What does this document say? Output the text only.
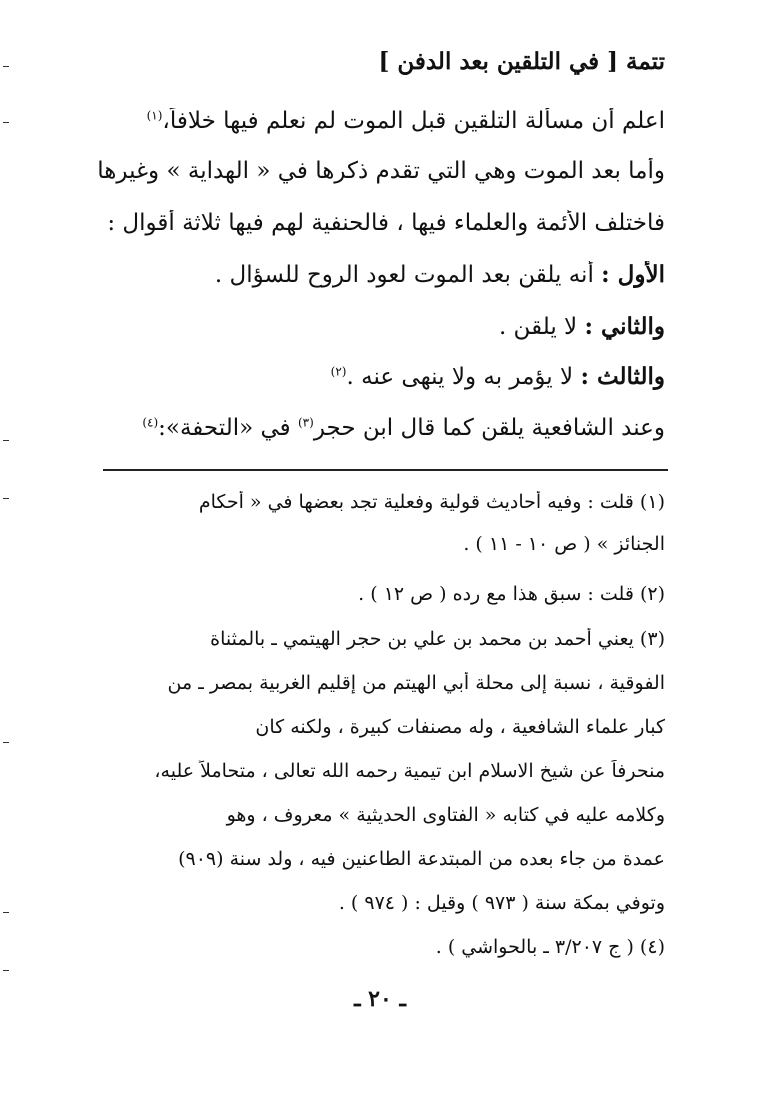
تتمة [ في التلقين بعد الدفن ]
اعلم أن مسألة التلقين قبل الموت لم نعلم فيها خلافاً،$^{(١)}$
وأما بعد الموت وهي التي تقدم ذكرها في « الهداية » وغيرها
فاختلف الأئمة والعلماء فيها ، فالحنفية لهم فيها ثلاثة أقوال :
الأول : أنه يلقن بعد الموت لعود الروح للسؤال .
والثاني : لا يلقن .
والثالث : لا يؤمر به ولا ينهى عنه .$^{(٢)}$
وعند الشافعية يلقن كما قال ابن حجر$^{(٣)}$ في «التحفة»:$^{(٤)}$
(١) قلت : وفيه أحاديث قولية وفعلية تجد بعضها في « أحكام
الجنائز » ( ص ١٠ - ١١ ) .
(٢) قلت : سبق هذا مع رده ( ص ١٢ ) .
(٣) يعني أحمد بن محمد بن علي بن حجر الهيتمي ـ بالمثناة
الفوقية ، نسبة إلى محلة أبي الهيتم من إقليم الغربية بمصر ـ من
كبار علماء الشافعية ، وله مصنفات كبيرة ، ولكنه كان
منحرفاً عن شيخ الاسلام ابن تيمية رحمه الله تعالى ، متحاملاً عليه،
وكلامه عليه في كتابه « الفتاوى الحديثية » معروف ، وهو
عمدة من جاء بعده من المبتدعة الطاعنين فيه ، ولد سنة (٩٠٩)
وتوفي بمكة سنة ( ٩٧٣ ) وقيل : ( ٩٧٤ ) .
(٤) ( ج ٣/٢٠٧ ـ بالحواشي ) .
ـ ٢٠ ـ
